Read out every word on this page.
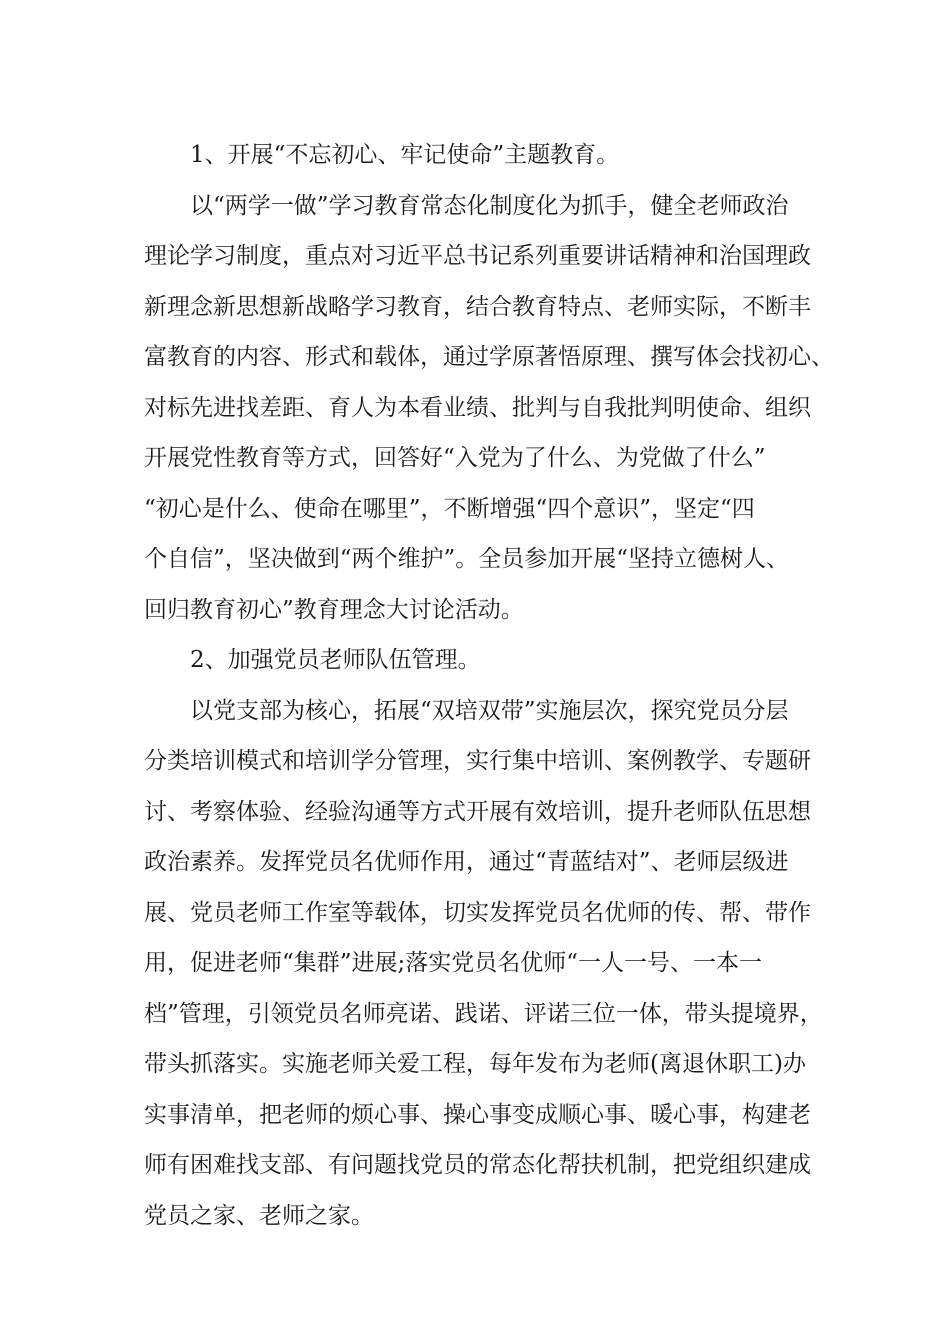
1、开展“不忘初心、牢记使命”主题教育。
以“两学一做”学习教育常态化制度化为抓手，健全老师政治
理论学习制度，重点对习近平总书记系列重要讲话精神和治国理政
新理念新思想新战略学习教育，结合教育特点、老师实际，不断丰
富教育的内容、形式和载体，通过学原著悟原理、撰写体会找初心、
对标先进找差距、育人为本看业绩、批判与自我批判明使命、组织
开展党性教育等方式，回答好“入党为了什么、为党做了什么”
“初心是什么、使命在哪里”，不断增强“四个意识”，坚定“四
个自信”，坚决做到“两个维护”。全员参加开展“坚持立德树人、
回归教育初心”教育理念大讨论活动。
2、加强党员老师队伍管理。
以党支部为核心，拓展“双培双带”实施层次，探究党员分层
分类培训模式和培训学分管理，实行集中培训、案例教学、专题研
讨、考察体验、经验沟通等方式开展有效培训，提升老师队伍思想
政治素养。发挥党员名优师作用，通过“青蓝结对”、老师层级进
展、党员老师工作室等载体，切实发挥党员名优师的传、帮、带作
用，促进老师“集群”进展;落实党员名优师“一人一号、一本一
档”管理，引领党员名师亮诺、践诺、评诺三位一体，带头提境界，
带头抓落实。实施老师关爱工程，每年发布为老师(离退休职工)办
实事清单，把老师的烦心事、操心事变成顺心事、暖心事，构建老
师有困难找支部、有问题找党员的常态化帮扶机制，把党组织建成
党员之家、老师之家。
